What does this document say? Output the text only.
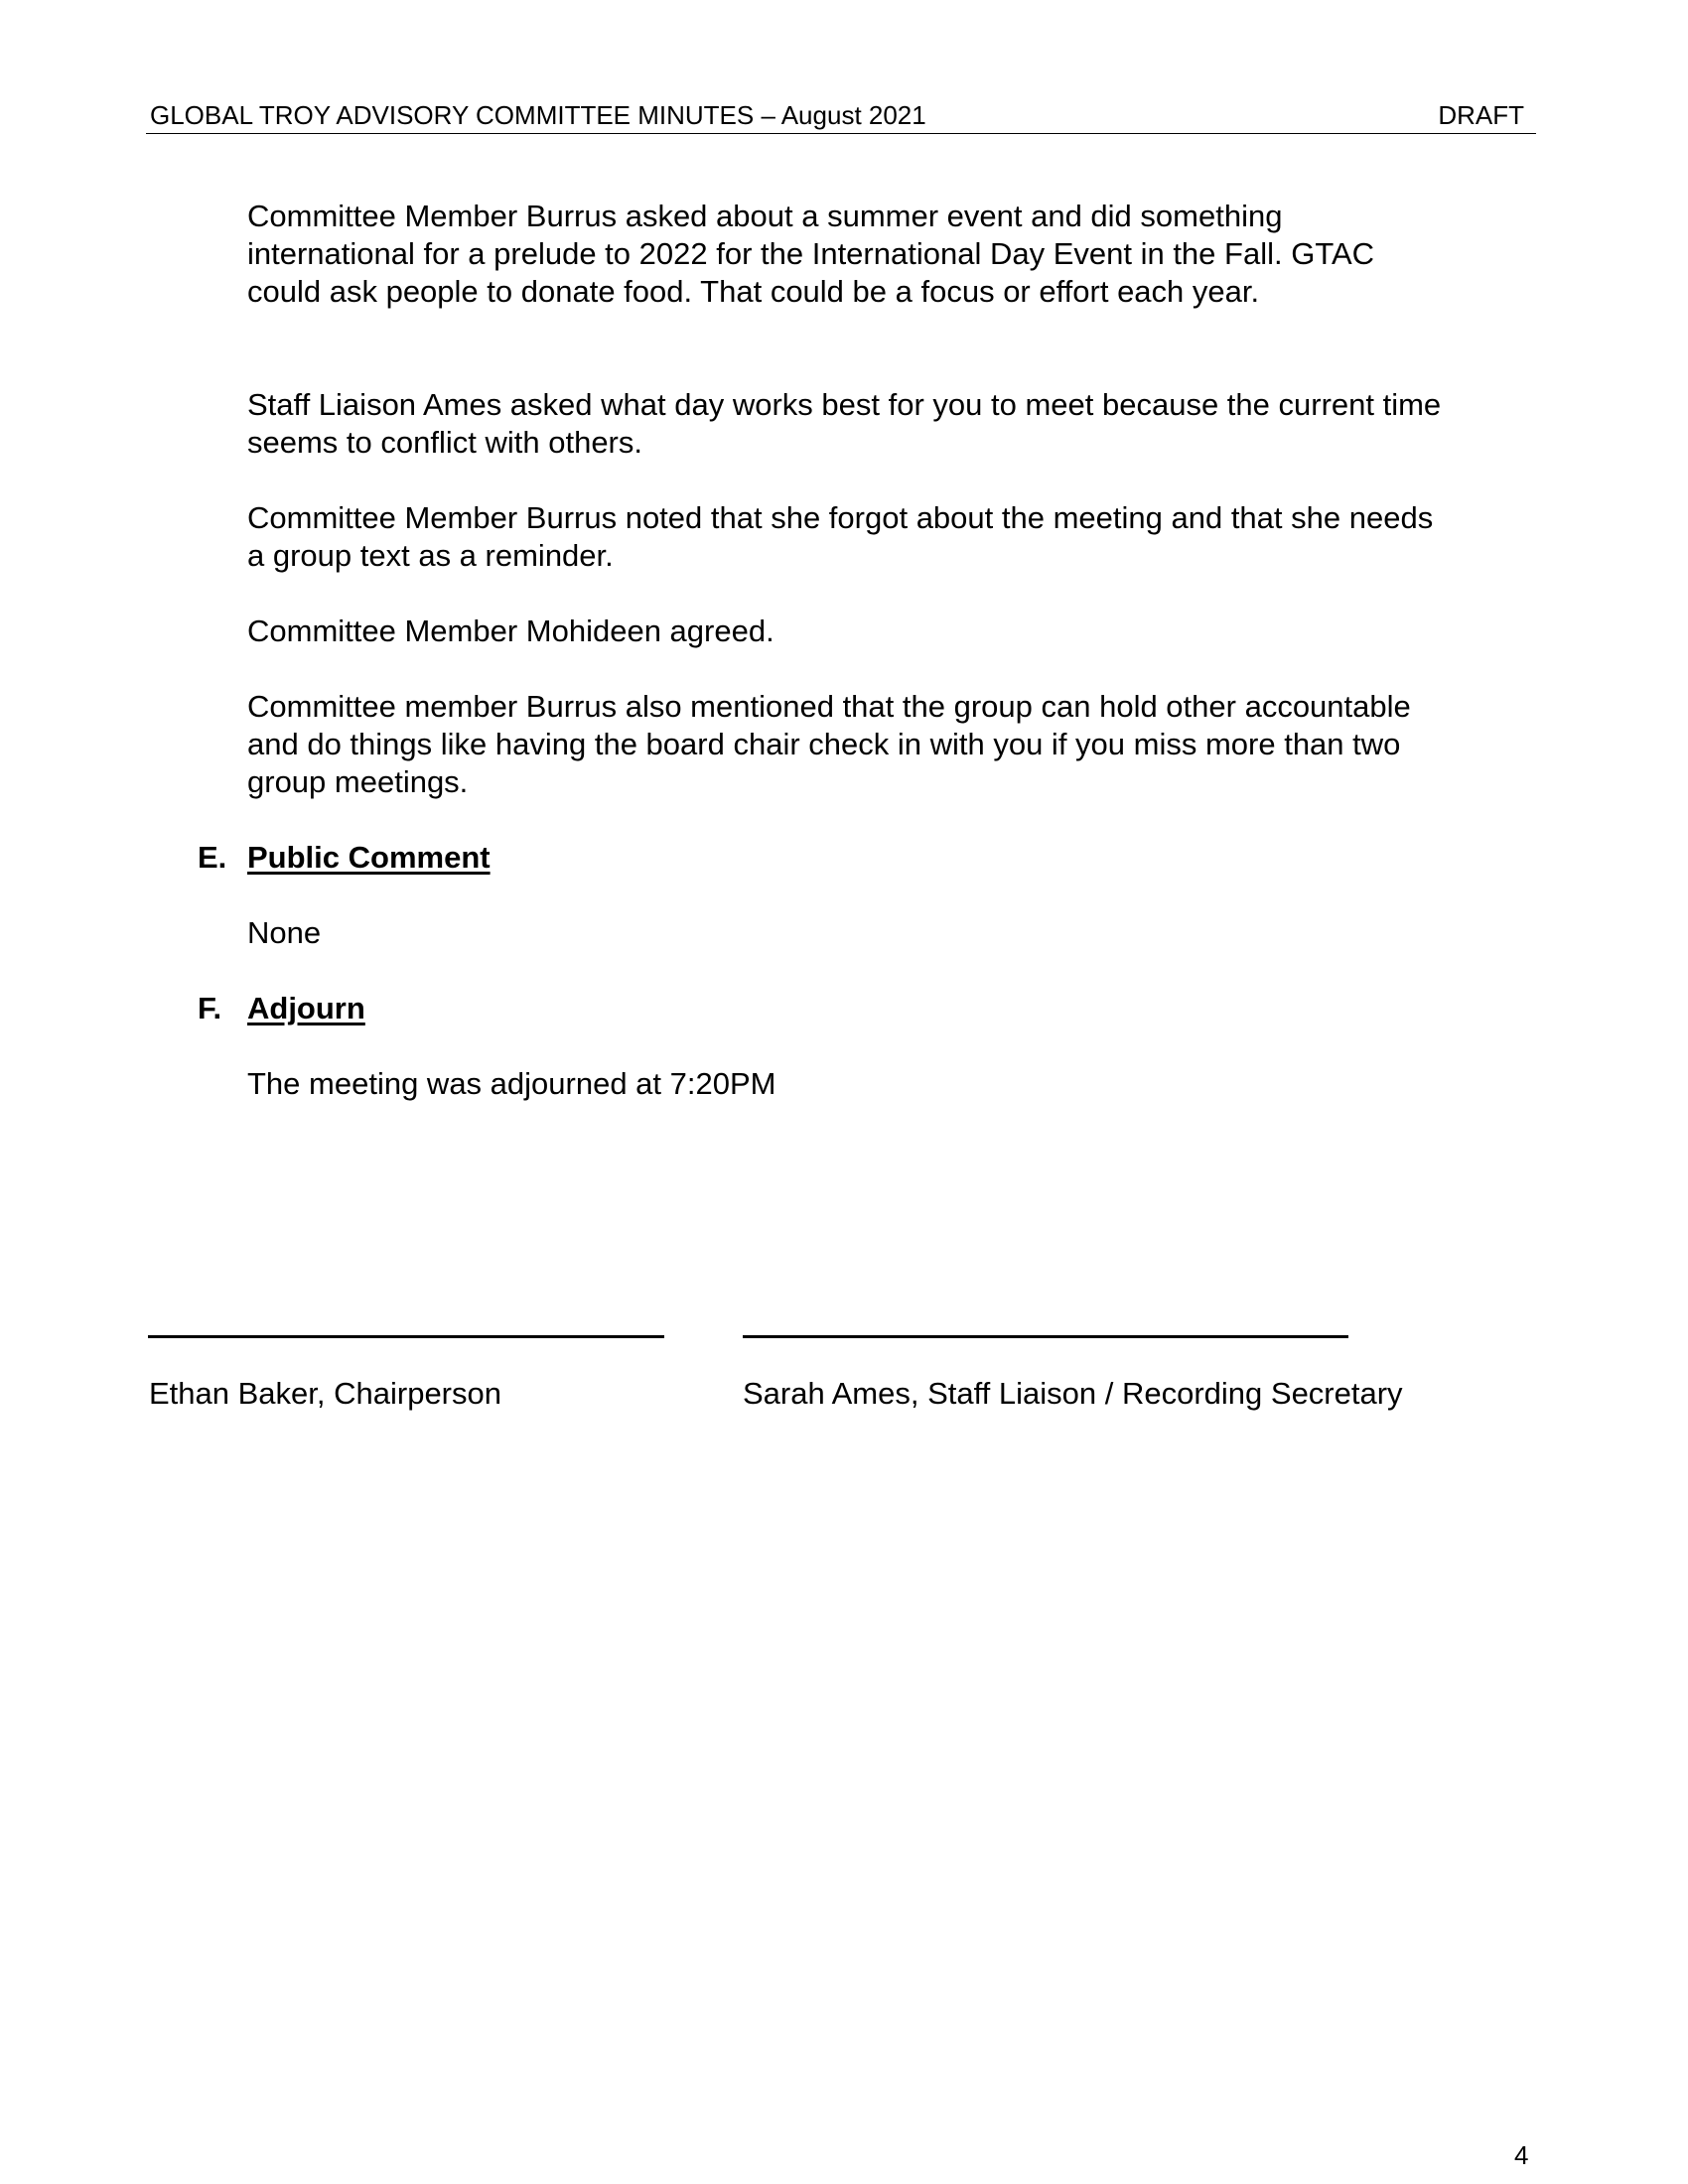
GLOBAL TROY ADVISORY COMMITTEE MINUTES – August 2021	DRAFT

Committee Member Burrus asked about a summer event and did something
international for a prelude to 2022 for the International Day Event in the Fall. GTAC
could ask people to donate food. That could be a focus or effort each year.

Staff Liaison Ames asked what day works best for you to meet because the current time
seems to conflict with others.

Committee Member Burrus noted that she forgot about the meeting and that she needs
a group text as a reminder.

Committee Member Mohideen agreed.

Committee member Burrus also mentioned that the group can hold other accountable
and do things like having the board chair check in with you if you miss more than two
group meetings.

E. Public Comment

None

F. Adjourn

The meeting was adjourned at 7:20PM

Ethan Baker, Chairperson	Sarah Ames, Staff Liaison / Recording Secretary
4
